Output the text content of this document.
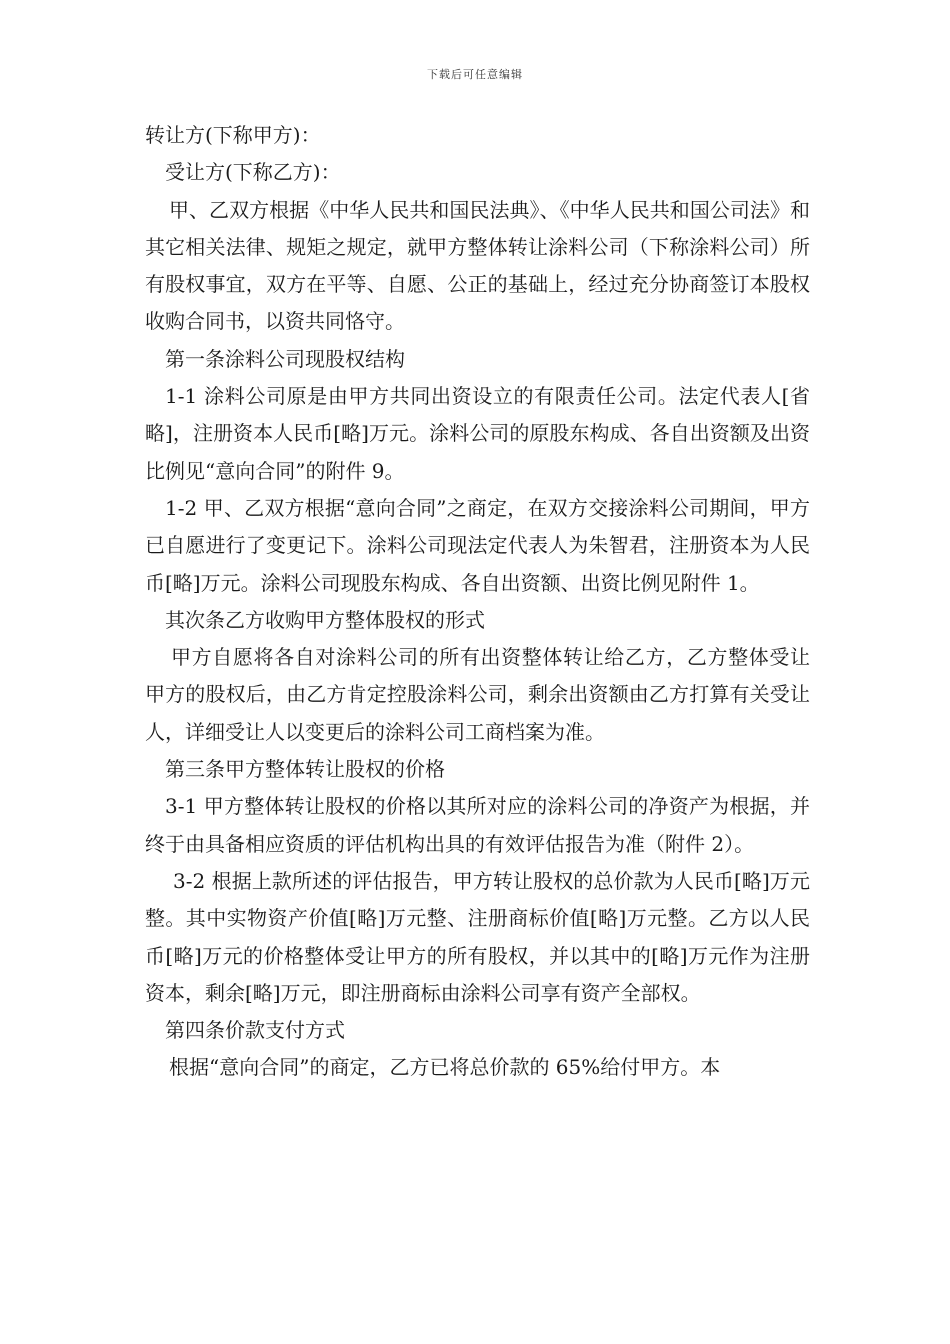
下载后可任意编辑

转让方(下称甲方)：

受让方(下称乙方)：

甲、乙双方根据《中华人民共和国民法典》、《中华人民共和国公司法》和其它相关法律、规矩之规定，就甲方整体转让涂料公司（下称涂料公司）所有股权事宜，双方在平等、自愿、公正的基础上，经过充分协商签订本股权收购合同书，以资共同恪守。

第一条涂料公司现股权结构

1-1 涂料公司原是由甲方共同出资设立的有限责任公司。法定代表人[省略]，注册资本人民币[略]万元。涂料公司的原股东构成、各自出资额及出资比例见“意向合同”的附件 9。

1-2 甲、乙双方根据“意向合同”之商定，在双方交接涂料公司期间，甲方已自愿进行了变更记下。涂料公司现法定代表人为朱智君，注册资本为人民币[略]万元。涂料公司现股东构成、各自出资额、出资比例见附件 1。

其次条乙方收购甲方整体股权的形式

甲方自愿将各自对涂料公司的所有出资整体转让给乙方，乙方整体受让甲方的股权后，由乙方肯定控股涂料公司，剩余出资额由乙方打算有关受让人，详细受让人以变更后的涂料公司工商档案为准。

第三条甲方整体转让股权的价格

3-1 甲方整体转让股权的价格以其所对应的涂料公司的净资产为根据，并终于由具备相应资质的评估机构出具的有效评估报告为准（附件 2）。

3-2 根据上款所述的评估报告，甲方转让股权的总价款为人民币[略]万元整。其中实物资产价值[略]万元整、注册商标价值[略]万元整。乙方以人民币[略]万元的价格整体受让甲方的所有股权，并以其中的[略]万元作为注册资本，剩余[略]万元，即注册商标由涂料公司享有资产全部权。

第四条价款支付方式

根据“意向合同”的商定，乙方已将总价款的 65%给付甲方。本
